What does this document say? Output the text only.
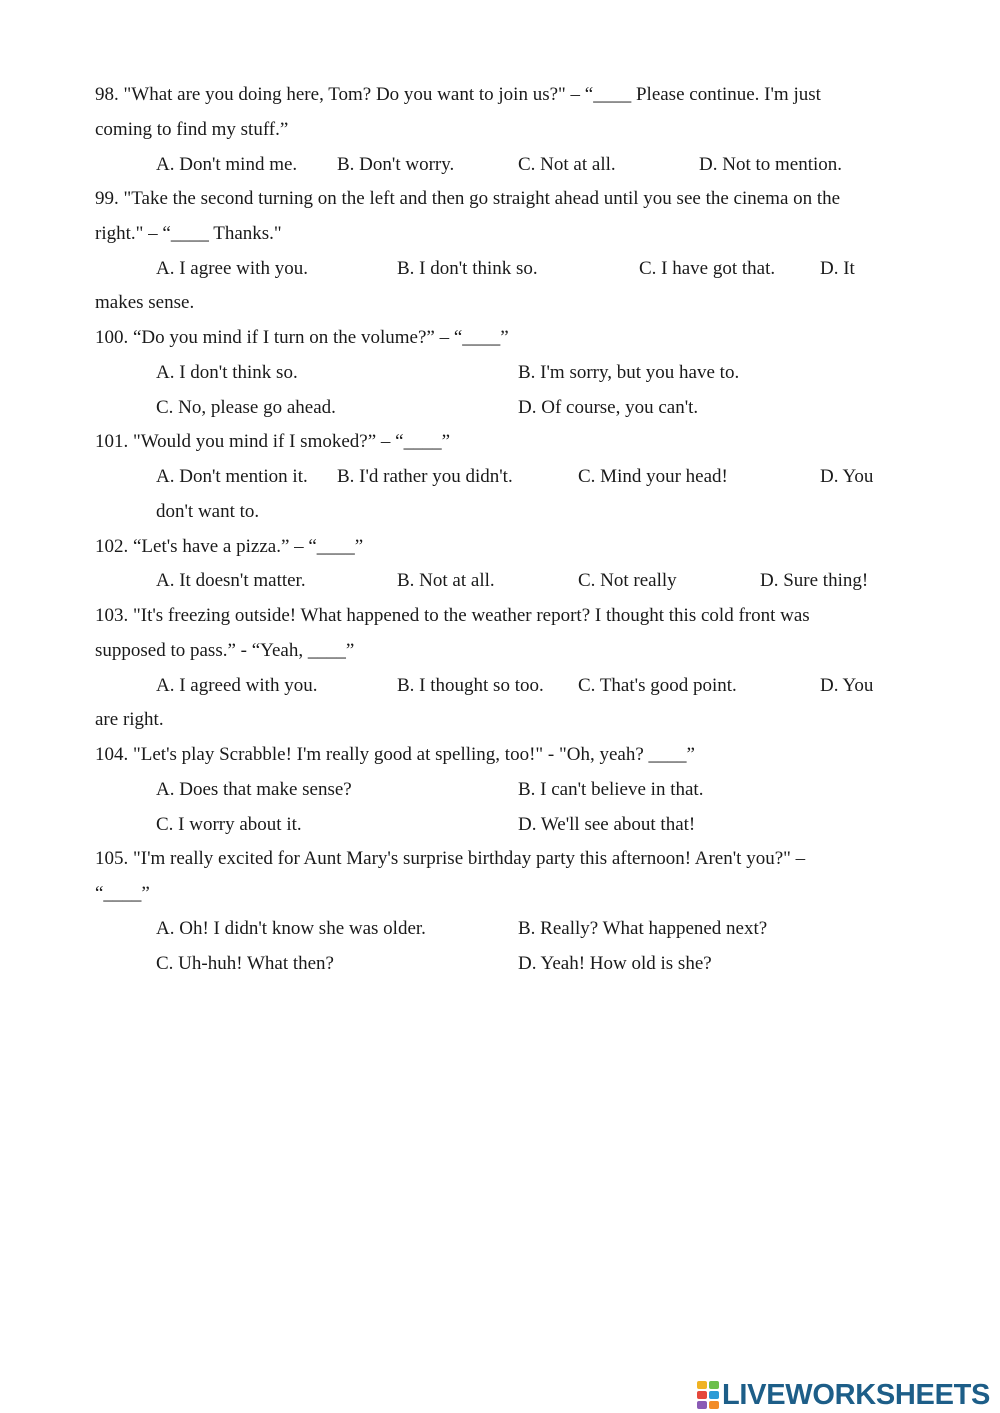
98. "What are you doing here, Tom? Do you want to join us?" – “____ Please continue. I'm just
coming to find my stuff.”
A. Don't mind me. B. Don't worry.	C. Not at all.	D. Not to mention.
99. "Take the second turning on the left and then go straight ahead until you see the cinema on the
right." – “____ Thanks."
A. I agree with you.	B. I don't think so.	C. I have got that. D. It
makes sense.
100. “Do you mind if I turn on the volume?” – “____”
A. I don't think so.	B. I'm sorry, but you have to.
C. No, please go ahead.	D. Of course, you can't.
101. "Would you mind if I smoked?” – “____”
A. Don't mention it. B. I'd rather you didn't.	C. Mind your head!	D. You
don't want to.
102. “Let's have a pizza.” – “____”
A. It doesn't matter.	B. Not at all.	C. Not really	D. Sure thing!
103. "It's freezing outside! What happened to the weather report? I thought this cold front was
supposed to pass.” - “Yeah, ____”
A. I agreed with you.	B. I thought so too. C. That's good point.	D. You
are right.
104. "Let's play Scrabble! I'm really good at spelling, too!" - "Oh, yeah? ____”
A. Does that make sense?	B. I can't believe in that.
C. I worry about it.	D. We'll see about that!
105. "I'm really excited for Aunt Mary's surprise birthday party this afternoon! Aren't you?" –
“____”
A. Oh! I didn't know she was older.	B. Really? What happened next?
C. Uh-huh! What then?	D. Yeah! How old is she?
LIVEWORKSHEETS
